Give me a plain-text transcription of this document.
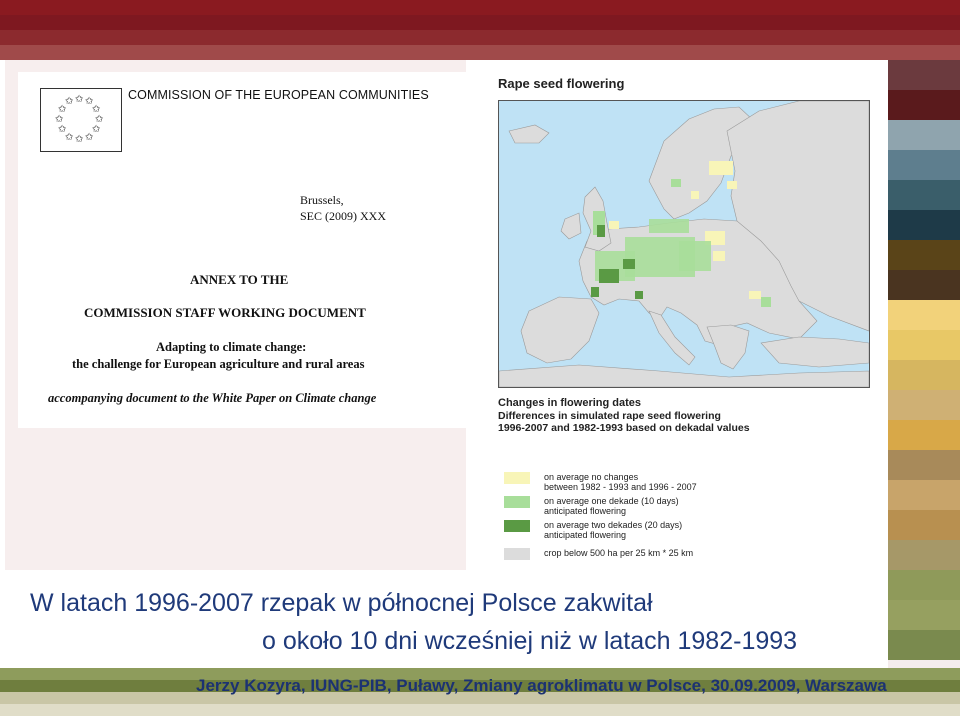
✩ ✩
✩
✩
✩
✩
✩
✩
✩
✩
✩
✩	COMMISSION OF THE EUROPEAN COMMUNITIES
Brussels,
SEC (2009) XXX
ANNEX TO THE
COMMISSION STAFF WORKING DOCUMENT
Adapting to climate change:
the challenge for European agriculture and rural areas
accompanying document to the White Paper on Climate change
Rape seed flowering
Changes in flowering dates
Differences in simulated rape seed flowering
1996-2007 and 1982-1993 based on dekadal values
on average no changes
between 1982 - 1993 and 1996 - 2007
on average one dekade (10 days)
anticipated flowering
on average two dekades (20 days)
anticipated flowering
crop below 500 ha per 25 km * 25 km
W latach 1996-2007 rzepak w północnej Polsce zakwitał
o około 10 dni wcześniej niż w latach 1982-1993
Jerzy Kozyra, IUNG-PIB, Puławy, Zmiany agroklimatu w Polsce, 30.09.2009, Warszawa
